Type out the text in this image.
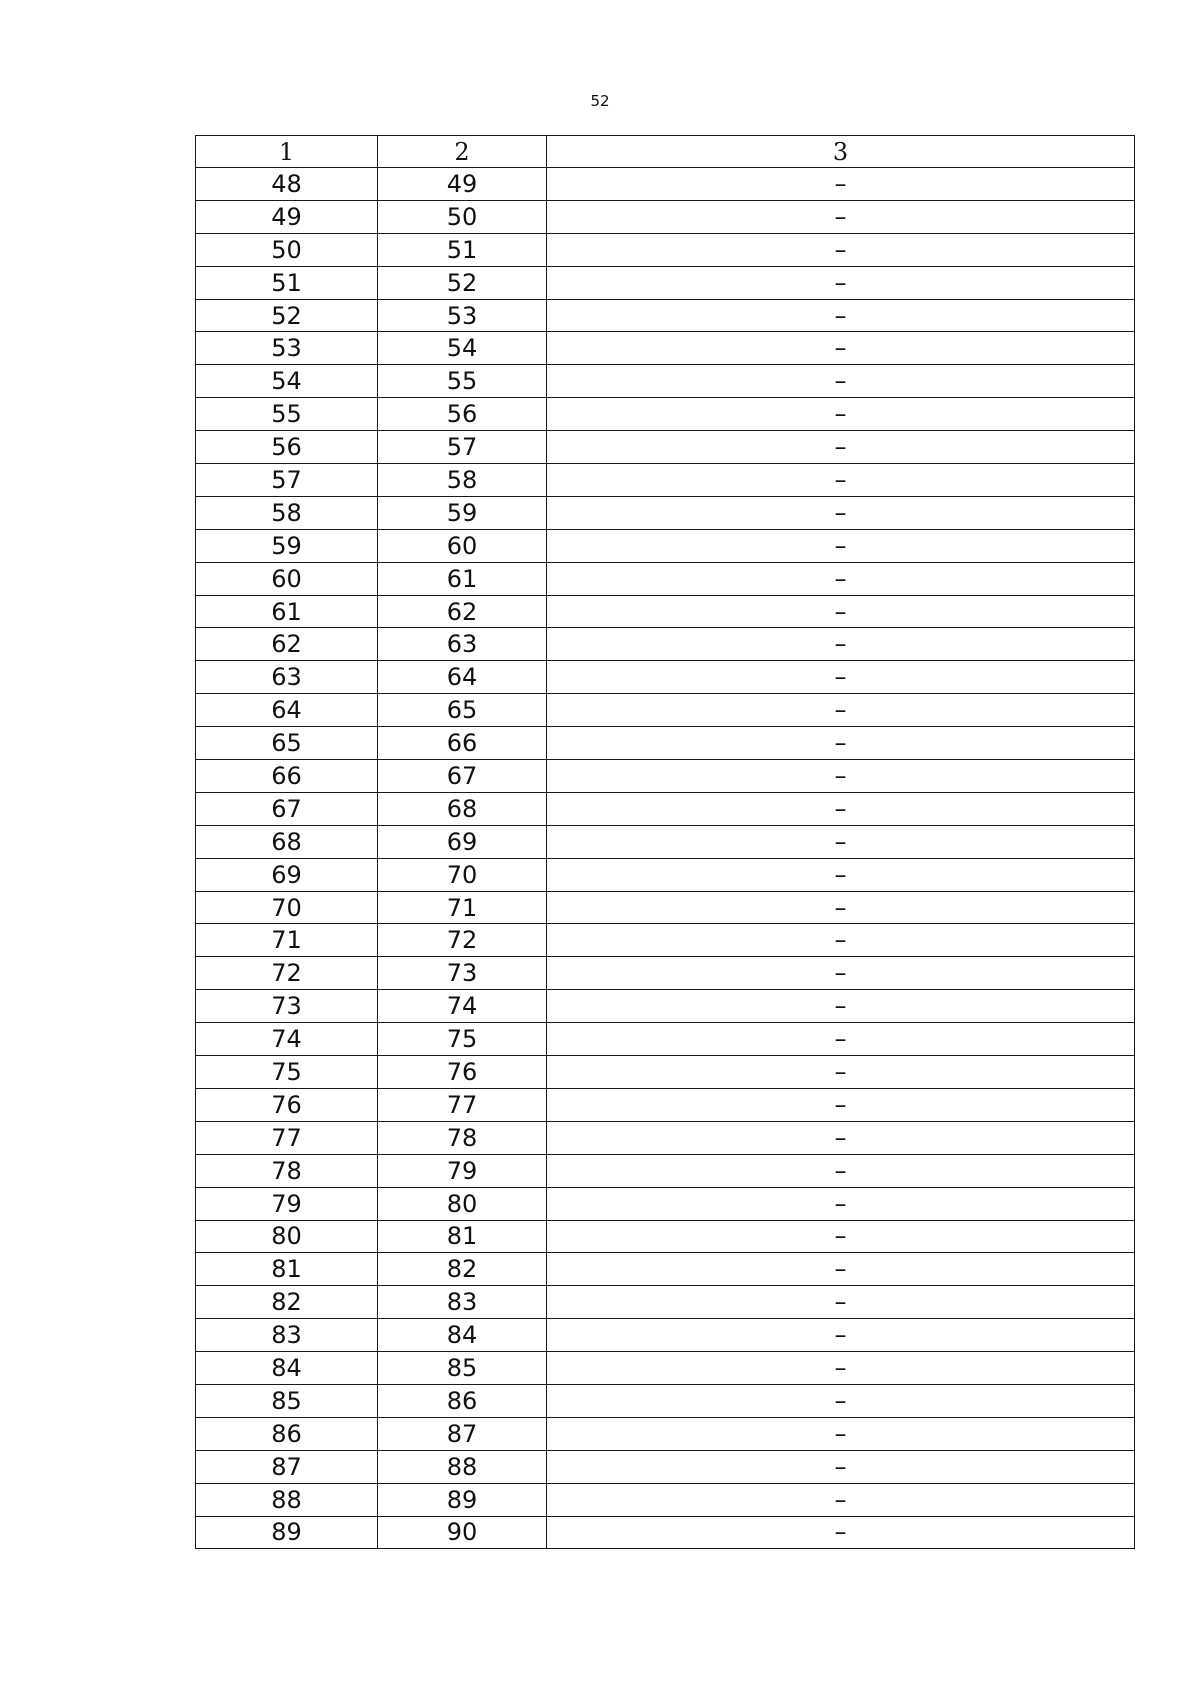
52
1	2	3
48	49	–
49	50	–
50	51	–
51	52	–
52	53	–
53	54	–
54	55	–
55	56	–
56	57	–
57	58	–
58	59	–
59	60	–
60	61	–
61	62	–
62	63	–
63	64	–
64	65	–
65	66	–
66	67	–
67	68	–
68	69	–
69	70	–
70	71	–
71	72	–
72	73	–
73	74	–
74	75	–
75	76	–
76	77	–
77	78	–
78	79	–
79	80	–
80	81	–
81	82	–
82	83	–
83	84	–
84	85	–
85	86	–
86	87	–
87	88	–
88	89	–
89	90	–
